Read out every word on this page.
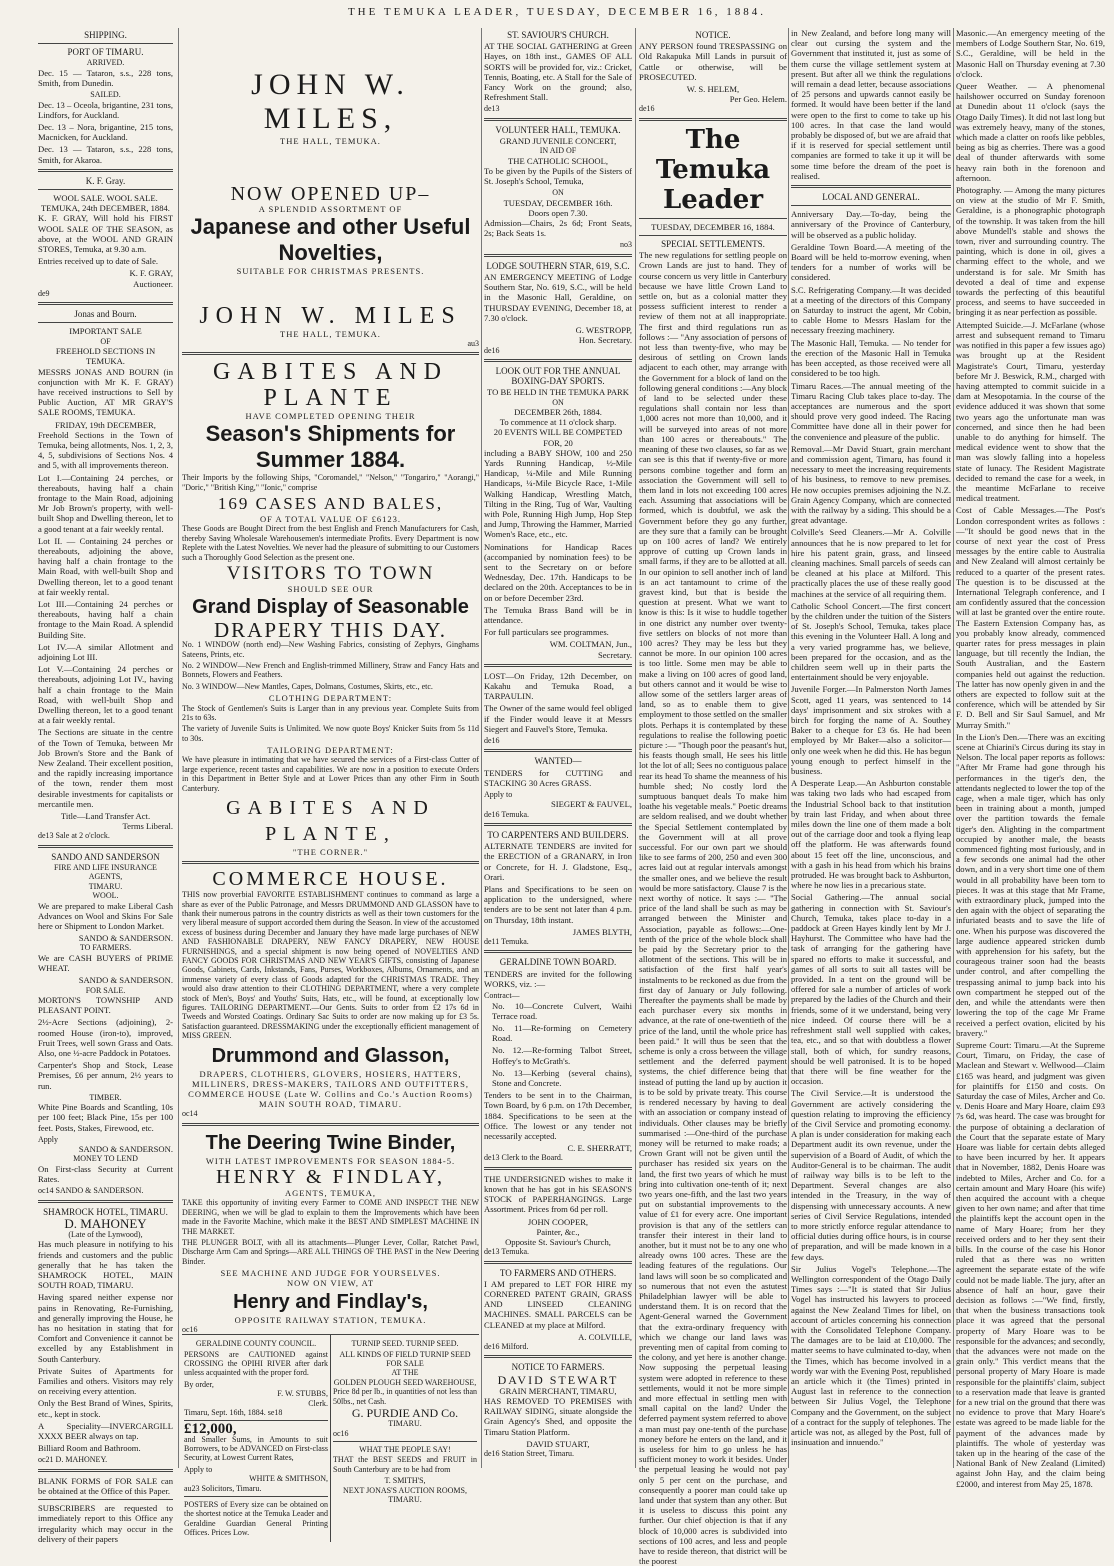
THE TEMUKA LEADER, TUESDAY, DECEMBER 16, 1884.
SHIPPING.
PORT OF TIMARU.
ARRIVED.
Dec. 15 — Tataron, s.s., 228 tons, Smith, from Dunedin.
SAILED.
Dec. 13 – Oceola, brigantine, 231 tons, Lindfors, for Auckland.
Dec. 13 – Nora, brigantine, 215 tons, Macnicken, for Auckland.
Dec. 13 — Tataron, s.s., 228 tons, Smith, for Akaroa.
K. F. Gray.
WOOL SALE. WOOL SALE.
TEMUKA, 24th DECEMBER, 1884.
K. F. GRAY, Will hold his FIRST WOOL SALE OF THE SEASON, as above, at the WOOL AND GRAIN STORES, Temuka, at 9.30 a.m.
Entries received up to date of Sale.
K. F. GRAY,
Auctioneer.
de9
Jonas and Bourn.
IMPORTANT SALE
OF
FREEHOLD SECTIONS IN TEMUKA.
MESSRS JONAS AND BOURN (in conjunction with Mr K. F. GRAY) have received instructions to Sell by Public Auction, AT MR GRAY'S SALE ROOMS, TEMUKA.
FRIDAY, 19th DECEMBER,
Freehold Sections in the Town of Temuka, being allotments, Nos. 1, 2, 3, 4, 5, subdivisions of Sections Nos. 4 and 5, with all improvements thereon.
Lot I.—Containing 24 perches, or thereabouts, having half a chain frontage to the Main Road, adjoining Mr Job Brown's property, with well-built Shop and Dwelling thereon, let to a good tenant at a fair weekly rental.
Lot II. — Containing 24 perches or thereabouts, adjoining the above, having half a chain frontage to the Main Road, with well-built Shop and Dwelling thereon, let to a good tenant at fair weekly rental.
Lot III.—Containing 24 perches or thereabouts, having half a chain frontage to the Main Road. A splendid Building Site.
Lot IV.—A similar Allotment and adjoining Lot III.
Lot V.—Containing 24 perches or thereabouts, adjoining Lot IV., having half a chain frontage to the Main Road, with well-built Shop and Dwelling thereon, let to a good tenant at a fair weekly rental.
The Sections are situate in the centre of the Town of Temuka, between Mr Job Brown's Store and the Bank of New Zealand. Their excellent position, and the rapidly increasing importance of the town, render them most desirable investments for capitalists or mercantile men.
Title—Land Transfer Act.
Terms Liberal.
de13 Sale at 2 o'clock.
SANDO AND SANDERSON
FIRE AND LIFE INSURANCE AGENTS,
TIMARU.
WOOL.
We are prepared to make Liberal Cash Advances on Wool and Skins For Sale here or Shipment to London Market.
SANDO & SANDERSON.
TO FARMERS.
We are CASH BUYERS of PRIME WHEAT.
SANDO & SANDERSON.
FOR SALE.
MORTON'S TOWNSHIP AND PLEASANT POINT.
2½-Acre Sections (adjoining), 2-roomed House (iron-to), improved, Fruit Trees, well sown Grass and Oats. Also, one ½-acre Paddock in Potatoes.
Carpenter's Shop and Stock, Lease Premises, £6 per annum, 2½ years to run.
TIMBER.
White Pine Boards and Scantling, 10s per 100 feet; Black Pine, 15s per 100 feet. Posts, Stakes, Firewood, etc.
Apply
SANDO & SANDERSON.
MONEY TO LEND
On First-class Security at Current Rates.
oc14 SANDO & SANDERSON.
SHAMROCK HOTEL, TIMARU.
D. MAHONEY
(Late of the Lynwood),
Has much pleasure in notifying to his friends and customers and the public generally that he has taken the SHAMROCK HOTEL, MAIN SOUTH ROAD, TIMARU.
Having spared neither expense nor pains in Renovating, Re-Furnishing, and generally improving the House, he has no hesitation in stating that for Comfort and Convenience it cannot be excelled by any Establishment in South Canterbury.
Private Suites of Apartments for Families and others. Visitors may rely on receiving every attention.
Only the Best Brand of Wines, Spirits, etc., kept in stock.
A Speciality—INVERCARGILL XXXX BEER always on tap.
Billiard Room and Bathroom.
oc21 D. MAHONEY.
BLANK FORMS of FOR SALE can be obtained at the Office of this Paper.
SUBSCRIBERS are requested to immediately report to this Office any irregularity which may occur in the delivery of their papers
JOHN W. MILES,
THE HALL, TEMUKA.
NOW OPENED UP–
A SPLENDID ASSORTMENT OF
Japanese and other Useful
Novelties,
SUITABLE FOR CHRISTMAS PRESENTS.
JOHN W. MILES
THE HALL, TEMUKA.
au3
GABITES AND PLANTE
HAVE COMPLETED OPENING THEIR
Season's Shipments for
Summer 1884.
Their Imports by the following Ships, "Coromandel," "Nelson," "Tongariro," "Aorangi," "Doric," "British King," "Ionic," comprise
169 CASES AND BALES,
OF A TOTAL VALUE OF £6123.
These Goods are Bought Direct from the best English and French Manufacturers for Cash, thereby Saving Wholesale Warehousemen's intermediate Profits. Every Department is now Replete with the Latest Novelties. We never had the pleasure of submitting to our Customers such a Thoroughly Good Selection as the present one.
VISITORS TO TOWN
SHOULD SEE OUR
Grand Display of Seasonable
DRAPERY THIS DAY.
No. 1 WINDOW (north end)—New Washing Fabrics, consisting of Zephyrs, Ginghams Sateens, Prints, etc.
No. 2 WINDOW—New French and English-trimmed Millinery, Straw and Fancy Hats and Bonnets, Flowers and Feathers.
No. 3 WINDOW—New Mantles, Capes, Dolmans, Costumes, Skirts, etc., etc.
CLOTHING DEPARTMENT:
The Stock of Gentlemen's Suits is Larger than in any previous year. Complete Suits from 21s to 63s.
The variety of Juvenile Suits is Unlimited. We now quote Boys' Knicker Suits from 5s 11d to 30s.
TAILORING DEPARTMENT:
We have pleasure in intimating that we have secured the services of a First-class Cutter of large experience, recent tastes and capabilities. We are now in a position to execute Orders in this Department in Better Style and at Lower Prices than any other Firm in South Canterbury.
GABITES AND PLANTE,
"THE CORNER."
COMMERCE HOUSE.
THIS now proverbial FAVORITE ESTABLISHMENT continues to command as large a share as ever of the Public Patronage, and Messrs DRUMMOND AND GLASSON have to thank their numerous patrons in the country districts as well as their town customers for the very liberal measure of support accorded them during the Season. In view of the accustomed excess of business during December and January they have made large purchases of NEW AND FASHIONABLE DRAPERY, NEW FANCY DRAPERY, NEW HOUSE FURNISHINGS, and a special shipment is now being opened of NOVELTIES AND FANCY GOODS FOR CHRISTMAS AND NEW YEAR'S GIFTS, consisting of Japanese Goods, Cabinets, Cards, Inkstands, Fans, Purses, Workboxes, Albums, Ornaments, and an immense variety of every class of Goods adapted for the CHRISTMAS TRADE. They would also draw attention to their CLOTHING DEPARTMENT, where a very complete stock of Men's, Boys' and Youths' Suits, Hats, etc., will be found, at exceptionally low figures. TAILORING DEPARTMENT.—Our Gents. Suits to order from £2 17s 6d in Tweeds and Worsted Coatings. Ordinary Sac Suits to order are now making up for £3 5s. Satisfaction guaranteed. DRESSMAKING under the exceptionally efficient management of MISS GREEN.
Drummond and Glasson,
DRAPERS, CLOTHIERS, GLOVERS, HOSIERS, HATTERS, MILLINERS, DRESS-MAKERS, TAILORS AND OUTFITTERS,
COMMERCE HOUSE (Late W. Collins and Co.'s Auction Rooms) MAIN SOUTH ROAD, TIMARU.
oc14
The Deering Twine Binder,
WITH LATEST IMPROVEMENTS FOR SEASON 1884-5.
HENRY & FINDLAY,
AGENTS, TEMUKA,
TAKE this opportunity of inviting every Farmer to COME AND INSPECT THE NEW DEERING, when we will be glad to explain to them the Improvements which have been made in the Favorite Machine, which make it the BEST AND SIMPLEST MACHINE IN THE MARKET.
THE PLUNGER BOLT, with all its attachments—Plunger Lever, Collar, Ratchet Pawl, Discharge Arm Cam and Springs—ARE ALL THINGS OF THE PAST in the New Deering Binder.
SEE MACHINE AND JUDGE FOR YOURSELVES.
NOW ON VIEW, AT
Henry and Findlay's,
OPPOSITE RAILWAY STATION, TEMUKA.
oc16
GERALDINE COUNTY COUNCIL.
PERSONS are CAUTIONED against CROSSING the OPIHI RIVER after dark unless acquainted with the proper ford.
By order,
F. W. STUBBS,
Clerk.
Timaru, Sept. 16th, 1884. se18
£12,000,
and Smaller Sums, in Amounts to suit Borrowers, to be ADVANCED on First-class Security, at Lowest Current Rates,
Apply to
WHITE & SMITHSON,
au23 Solicitors, Timaru.
POSTERS of Every size can be obtained on the shortest notice at the Temuka Leader and Geraldine Guardian General Printing Offices. Prices Low.
TURNIP SEED. TURNIP SEED.
ALL KINDS OF FIELD TURNIP SEED
FOR SALE
AT THE
GOLDEN PLOUGH SEED WAREHOUSE,
Price 8d per lb., in quantities of not less than 50lbs., net Cash.
G. PURDIE AND Co.
TIMARU.
oc16
WHAT THE PEOPLE SAY!
THAT the BEST SEEDS and FRUIT in South Canterbury are to be had from
T. SMITH'S,
NEXT JONAS'S AUCTION ROOMS, TIMARU.
ST. SAVIOUR'S CHURCH.
AT THE SOCIAL GATHERING at Green Hayes, on 18th inst., GAMES OF ALL SORTS will be provided for, viz.: Cricket, Tennis, Boating, etc. A Stall for the Sale of Fancy Work on the ground; also, Refreshment Stall.
de13
VOLUNTEER HALL, TEMUKA.
GRAND JUVENILE CONCERT,
IN AID OF
THE CATHOLIC SCHOOL,
To be given by the Pupils of the Sisters of St. Joseph's School, Temuka,
ON
TUESDAY, DECEMBER 16th.
Doors open 7.30.
Admission—Chairs, 2s 6d; Front Seats, 2s; Back Seats 1s.
no3
LODGE SOUTHERN STAR, 619, S.C.
AN EMERGENCY MEETING of Lodge Southern Star, No. 619, S.C., will be held in the Masonic Hall, Geraldine, on THURSDAY EVENING, December 18, at 7.30 o'clock.
G. WESTROPP,
Hon. Secretary.
de16
LOOK OUT FOR THE ANNUAL BOXING-DAY SPORTS.
TO BE HELD IN THE TEMUKA PARK
ON
DECEMBER 26th, 1884.
To commence at 11 o'clock sharp.
20 EVENTS WILL BE COMPETED FOR, 20
including a BABY SHOW, 100 and 250 Yards Running Handicap, ½-Mile Handicap, ¼-Mile and Mile Running Handicaps, ¼-Mile Bicycle Race, 1-Mile Walking Handicap, Wrestling Match, Tilting in the Ring, Tug of War, Vaulting with Pole, Running High Jump, Hop Step and Jump, Throwing the Hammer, Married Women's Race, etc., etc.
Nominations for Handicap Races (accompanied by nomination fees) to be sent to the Secretary on or before Wednesday, Dec. 17th. Handicaps to be declared on the 20th. Acceptances to be in on or before December 23rd.
The Temuka Brass Band will be in attendance.
For full particulars see programmes.
WM. COLTMAN, Jun.,
Secretary.
LOST—On Friday, 12th December, on Kakahu and Temuka Road, a TARPAULIN.
The Owner of the same would feel obliged if the Finder would leave it at Messrs Siegert and Fauvel's Store, Temuka.
de16
WANTED—
TENDERS for CUTTING and STACKING 30 Acres GRASS.
Apply to
SIEGERT & FAUVEL,
de16 Temuka.
TO CARPENTERS AND BUILDERS.
ALTERNATE TENDERS are invited for the ERECTION of a GRANARY, in Iron or Concrete, for H. J. Gladstone, Esq., Orari.
Plans and Specifications to be seen on application to the undersigned, where tenders are to be sent not later than 4 p.m. on Thursday, 18th instant.
JAMES BLYTH,
de11 Temuka.
GERALDINE TOWN BOARD.
TENDERS are invited for the following WORKS, viz. :—
Contract—
No. 10—Concrete Culvert, Waihi Terrace road.
No. 11—Re-forming on Cemetery Road.
No. 12.—Re-forming Talbot Street, Hoffey's to McGrath's.
No. 13—Kerbing (several chains), Stone and Concrete.
Tenders to be sent in to the Chairman, Town Board, by 6 p.m. on 17th December, 1884. Specifications to be seen at the Office. The lowest or any tender not necessarily accepted.
C. E. SHERRATT,
de13 Clerk to the Board.
THE UNDERSIGNED wishes to make it known that he has got in his SEASON'S STOCK of PAPERHANGINGS. Large Assortment. Prices from 6d per roll.
JOHN COOPER,
Painter, &c.,
Opposite St. Saviour's Church,
de13 Temuka.
TO FARMERS AND OTHERS.
I AM prepared to LET FOR HIRE my CORNERED PATENT GRAIN, GRASS AND LINSEED CLEANING MACHINES. SMALL PARCELS can be CLEANED at my place at Milford.
A. COLVILLE,
de16 Milford.
NOTICE TO FARMERS.
DAVID STEWART
GRAIN MERCHANT, TIMARU,
HAS REMOVED TO PREMISES with RAILWAY SIDING, situate alongside the Grain Agency's Shed, and opposite the Timaru Station Platform.
DAVID STUART,
de16 Station Street, Timaru.
NOTICE.
ANY PERSON found TRESPASSING on Old Rakapuka Mill Lands in pursuit of Cattle or otherwise, will be PROSECUTED.
W. S. HELEM,
Per Geo. Helem.
de16
The Temuka Leader
TUESDAY, DECEMBER 16, 1884.
SPECIAL SETTLEMENTS.
The new regulations for settling people on Crown Lands are just to hand. They of course concern us very little in Canterbury because we have little Crown Land to settle on, but as a colonial matter they possess sufficient interest to render a review of them not at all inappropriate. The first and third regulations run as follows :— "Any association of persons of not less than twenty-five, who may be desirous of settling on Crown lands adjacent to each other, may arrange with the Government for a block of land on the following general conditions :—Any block of land to be selected under these regulations shall contain nor less than 1,000 acres not more than 10,000, and it will be surveyed into areas of not more than 100 acres or thereabouts." The meaning of these two clauses, so far as we can see is this that if twenty-five or more persons combine together and form an association the Government will sell to them land in lots not exceeding 100 acres each. Assuming that associations will be formed, which is doubtful, we ask the Government before they go any further, are they sure that a family can be brought up on 100 acres of land? We entirely approve of cutting up Crown lands in small farms, if they are to be allotted at all. In our opinion to sell another inch of land is an act tantamount to crime of the gravest kind, but that is beside the question at present. What we want to know is this: Is it wise to huddle together in one district any number over twenty-five settlers on blocks of not more than 100 acres? They may be less but they cannot be more. In our opinion 100 acres is too little. Some men may be able to make a living on 100 acres of good land, but others cannot and it would be wise to allow some of the settlers larger areas of land, so as to enable them to give employment to those settled on the smaller plots. Perhaps it is contemplated by these regulations to realise the following poetic picture :— "Though poor the peasant's hut, his feasts though small, He sees his little lot the lot of all; Sees no contiguous palace rear its head To shame the meanness of his humble shed; No costly lord the sumptuous banquet deals To make him loathe his vegetable meals." Poetic dreams are seldom realised, and we doubt whether the Special Settlement contemplated by the Government will at all prove successful. For our own part we should like to see farms of 200, 250 and even 300 acres laid out at regular intervals amongst the smaller ones, and we believe the result would be more satisfactory. Clause 7 is the next worthy of notice. It says :— "The price of the land shall be such as may be arranged between the Minister and Association, payable as follows:—One-tenth of the price of the whole block shall be paid by the Secretary prior to the allotment of the sections. This will be in satisfaction of the first half year's instalments to be reckoned as due from the first day of January or July following. Thereafter the payments shall be made by each purchaser every six months in advance, at the rate of one-twentieth of the price of the land, until the whole price has been paid." It will thus be seen that the scheme is only a cross between the village settlement and the deferred payment systems, the chief difference being that instead of putting the land up by auction it is to be sold by private treaty. This course is rendered necessary by having to deal with an association or company instead of individuals. Other clauses may be briefly summarised :—One-third of the purchase money will be returned to make roads; a Crown Grant will not be given until the purchaser has resided six years on the land, the first two years of which he must bring into cultivation one-tenth of it; next two years one-fifth, and the last two years put on substantial improvements to the value of £1 for every acre. One important provision is that any of the settlers can transfer their interest in their land to another, but it must not be to any one who already owns 100 acres. These are the leading features of the regulations. Our land laws will soon be so complicated and so numerous that not even the astutest Philadelphian lawyer will be able to understand them. It is on record that the Agent-General warned the Government that the extra-ordinary frequency with which we change our land laws was preventing men of capital from coming to the colony, and yet here is another change. Now supposing the perpetual leasing system were adopted in reference to these settlements, would it not be more simple and more effectual in settling men with small capital on the land? Under the deferred payment system referred to above a man must pay one-tenth of the purchase money before he enters on the land, and it is useless for him to go unless he has sufficient money to work it besides. Under the perpetual leasing he would not pay only 5 per cent on the purchase, and consequently a poorer man could take up land under that system than any other. But it is useless to discuss this point any further. Our chief objection is that if any block of 10,000 acres is subdivided into sections of 100 acres, and less and people have to reside thereon, that district will be the poorest
in New Zealand, and before long many will clear out cursing the system and the Government that instituted it, just as some of them curse the village settlement system at present. But after all we think the regulations will remain a dead letter, because associations of 25 persons and upwards cannot easily be formed. It would have been better if the land were open to the first to come to take up his 100 acres. In that case the land would probably be disposed of, but we are afraid that if it is reserved for special settlement until companies are formed to take it up it will be some time before the dream of the poet is realised.
LOCAL AND GENERAL.
Anniversary Day.—To-day, being the anniversary of the Province of Canterbury, will be observed as a public holiday.
Geraldine Town Board.—A meeting of the Board will be held to-morrow evening, when tenders for a number of works will be considered.
S.C. Refrigerating Company.—It was decided at a meeting of the directors of this Company on Saturday to instruct the agent, Mr Cobin, to cable Home to Messrs Haslam for the necessary freezing machinery.
The Masonic Hall, Temuka. — No tender for the erection of the Masonic Hall in Temuka has been accepted, as those received were all considered to be too high.
Timaru Races.—The annual meeting of the Timaru Racing Club takes place to-day. The acceptances are numerous and the sport should prove very good indeed. The Racing Committee have done all in their power for the convenience and pleasure of the public.
Removal.—Mr David Stuart, grain merchant and commission agent, Timaru, has found it necessary to meet the increasing requirements of his business, to remove to new premises. He now occupies premises adjoining the N.Z. Grain Agency Company, which are connected with the railway by a siding. This should be a great advantage.
Colville's Seed Cleaners.—Mr A. Colville announces that he is now prepared to let for hire his patent grain, grass, and linseed cleaning machines. Small parcels of seeds can be cleaned at his place at Milford. This practically places the use of these really good machines at the service of all requiring them.
Catholic School Concert.—The first concert by the children under the tuition of the Sisters of St. Joseph's School, Temuka, takes place this evening in the Volunteer Hall. A long and a very varied programme has, we believe, been prepared for the occasion, and as the children seem well up in their parts the entertainment should be very enjoyable.
Juvenile Forger.—In Palmerston North James Scott, aged 11 years, was sentenced to 14 days' imprisonment and six strokes with a birch for forging the name of A. Southey Baker to a cheque for £3 6s. He had been employed by Mr Baker—also a solicitor—only one week when he did this. He has begun young enough to perfect himself in the business.
A Desperate Leap.—An Ashburton constable was taking two lads who had escaped from the Industrial School back to that institution by train last Friday, and when about three miles down the line one of them made a bolt out of the carriage door and took a flying leap off the platform. He was afterwards found about 15 feet off the line, unconscious, and with a gash in his head from which his brains protruded. He was brought back to Ashburton, where he now lies in a precarious state.
Social Gathering.—The annual social gathering in connection with St. Saviour's Church, Temuka, takes place to-day in a paddock at Green Hayes kindly lent by Mr J. Hayhurst. The Committee who have had the task of arranging for the gathering have spared no efforts to make it successful, and games of all sorts to suit all tastes will be provided. In a tent on the ground will be offered for sale a number of articles of work prepared by the ladies of the Church and their friends, some of it we understand, being very nice indeed. Of course there will be a refreshment stall well supplied with cakes, tea, etc., and so that with doubtless a flower stall, both of which, for sundry reasons, should be well patronised. It is to be hoped that there will be fine weather for the occasion.
The Civil Service.—It is understood the Government are actively considering the question relating to improving the efficiency of the Civil Service and promoting economy. A plan is under consideration for making each Department audit its own revenue, under the supervision of a Board of Audit, of which the Auditor-General is to be chairman. The audit of railway way bills is to be left to the Department. Several changes are also intended in the Treasury, in the way of dispensing with unnecessary accounts. A new series of Civil Service Regulations, intended to more strictly enforce regular attendance to official duties during office hours, is in course of preparation, and will be made known in a few days.
Sir Julius Vogel's Telephone.—The Wellington correspondent of the Otago Daily Times says :—"It is stated that Sir Julius Vogel has instructed his lawyers to proceed against the New Zealand Times for libel, on account of articles concerning his connection with the Consolidated Telephone Company. The damages are to be laid at £10,000. The matter seems to have culminated to-day, when the Times, which has become involved in a wordy war with the Evening Post, republished an article which it (the Times) printed in August last in reference to the connection between Sir Julius Vogel, the Telephone Company and the Government, on the subject of a contract for the supply of telephones. The article was not, as alleged by the Post, full of insinuation and innuendo."
Masonic.—An emergency meeting of the members of Lodge Southern Star, No. 619, S.C., Geraldine, will be held in the Masonic Hall on Thursday evening at 7.30 o'clock.
Queer Weather. — A phenomenal hailshower occurred on Sunday forenoon at Dunedin about 11 o'clock (says the Otago Daily Times). It did not last long but was extremely heavy, many of the stones, which made a clatter on roofs like pebbles, being as big as cherries. There was a good deal of thunder afterwards with some heavy rain both in the forenoon and afternoon.
Photography. — Among the many pictures on view at the studio of Mr F. Smith, Geraldine, is a phonographic photograph of the township. It was taken from the hill above Mundell's stable and shows the town, river and surrounding country. The painting, which is done in oil, gives a charming effect to the whole, and we understand is for sale. Mr Smith has devoted a deal of time and expense towards the perfecting of this beautiful process, and seems to have succeeded in bringing it as near perfection as possible.
Attempted Suicide.—J. McFarlane (whose arrest and subsequent remand to Timaru was notified in this paper a few issues ago) was brought up at the Resident Magistrate's Court, Timaru, yesterday before Mr J. Beswick, R.M., charged with having attempted to commit suicide in a dam at Mesopotamia. In the course of the evidence adduced it was shown that some two years ago the unfortunate man was concerned, and since then he had been unable to do anything for himself. The medical evidence went to show that the man was slowly falling into a hopeless state of lunacy. The Resident Magistrate decided to remand the case for a week, in the meantime McFarlane to receive medical treatment.
Cost of Cable Messages.—The Post's London correspondent writes as follows :—"It should be good news that in the course of next year the cost of Press messages by the entire cable to Australia and New Zealand will almost certainly be reduced to a quarter of the present rates. The question is to be discussed at the International Telegraph conference, and I am confidently assured that the concession will at last be granted over the entire route. The Eastern Extension Company has, as you probably know already, commenced quarter rates for press messages in plain language, but till recently the Indian, the South Australian, and the Eastern companies held out against the reduction. The latter has now openly given in and the others are expected to follow suit at the conference, which will be attended by Sir F. D. Bell and Sir Saul Samuel, and Mr Murray Smith."
In the Lion's Den.—There was an exciting scene at Chiarini's Circus during its stay in Nelson. The local paper reports as follows: "After Mr Frame had gone through his performances in the tiger's den, the attendants neglected to lower the top of the cage, when a male tiger, which has only been in training about a month, jumped over the partition towards the female tiger's den. Alighting in the compartment occupied by another male, the beasts commenced fighting most furiously, and in a few seconds one animal had the other down, and in a very short time one of them would in all probability have been torn to pieces. It was at this stage that Mr Frame, with extraordinary pluck, jumped into the den again with the object of separating the infuriated beasts and to save the life of one. When his purpose was discovered the large audience appeared stricken dumb with apprehension for his safety, but the courageous trainer soon had the beasts under control, and after compelling the trespassing animal to jump back into his own compartment he stepped out of the den, and while the attendants were then lowering the top of the cage Mr Frame received a perfect ovation, elicited by his bravery."
Supreme Court: Timaru.—At the Supreme Court, Timaru, on Friday, the case of Maclean and Stewart v. Wellwood—Claim £165 was heard, and judgment was given for plaintiffs for £150 and costs. On Saturday the case of Miles, Archer and Co. v. Denis Hoare and Mary Hoare, claim £93 7s 6d, was heard. The case was brought for the purpose of obtaining a declaration of the Court that the separate estate of Mary Hoare was liable for certain debts alleged to have been incurred by her. It appears that in November, 1882, Denis Hoare was indebted to Miles, Archer and Co. for a certain amount and Mary Hoare (his wife) then acquired the account with a cheque given to her own name; and after that time the plaintiffs kept the account open in the name of Mary Hoare; from her they received orders and to her they sent their bills. In the course of the case his Honor ruled that as there was no written agreement the separate estate of the wife could not be made liable. The jury, after an absence of half an hour, gave their decision as follows :—"We find, firstly, that when the business transactions took place it was agreed that the personal property of Mary Hoare was to be responsible for the advances; and secondly, that the advances were not made on the grain only." This verdict means that the personal property of Mary Hoare is made responsible for the plaintiffs' claim, subject to a reservation made that leave is granted for a new trial on the ground that there was no evidence to prove that Mary Hoare's estate was agreed to be made liable for the payment of the advances made by plaintiffs. The whole of yesterday was taken up in the hearing of the case of the National Bank of New Zealand (Limited) against John Hay, and the claim being £2000, and interest from May 25, 1878.
